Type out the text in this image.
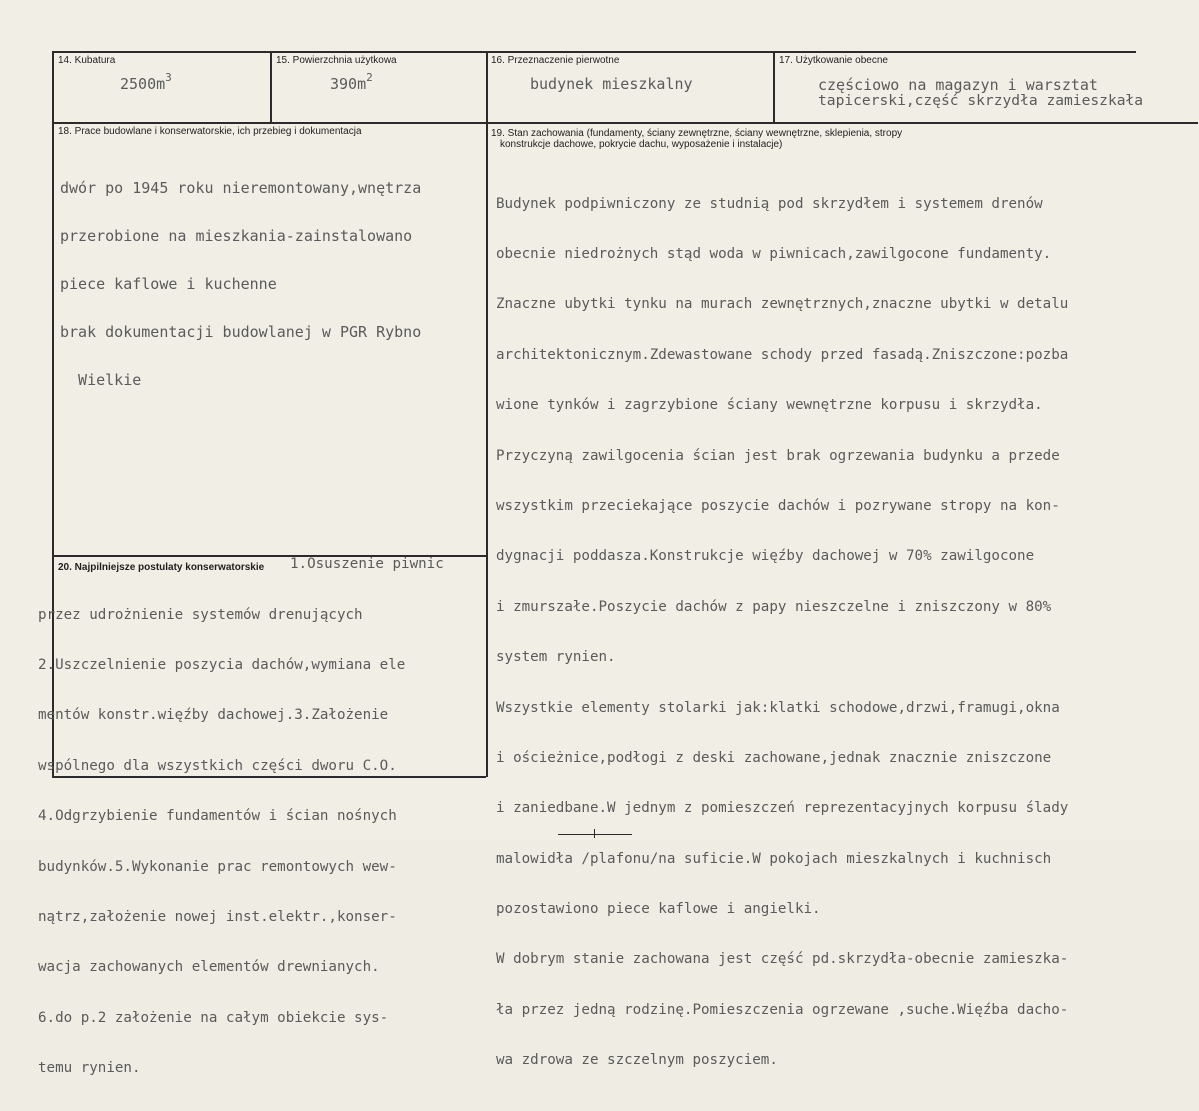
14. Kubatura
$2500m^3$
15. Powierzchnia użytkowa
$390m^2$
16. Przeznaczenie pierwotne
budynek mieszkalny
17. Użytkowanie obecne
częściowo na magazyn i warsztat
tapicerski,część skrzydła zamieszkała
18. Prace budowlane i konserwatorskie, ich przebieg i dokumentacja

dwór po 1945 roku nieremontowany,wnętrza

przerobione na mieszkania-zainstalowano

piece kaflowe i kuchenne

brak dokumentacji budowlanej w PGR Rybno

Wielkie

19. Stan zachowania (fundamenty, ściany zewnętrzne, ściany wewnętrzne, sklepienia, stropy
konstrukcje dachowe, pokrycie dachu, wyposażenie i instalacje)

Budynek podpiwniczony ze studnią pod skrzydłem i systemem drenów

obecnie niedrożnych stąd woda w piwnicach,zawilgocone fundamenty.

Znaczne ubytki tynku na murach zewnętrznych,znaczne ubytki w detalu

architektonicznym.Zdewastowane schody przed fasadą.Zniszczone:pozba

wione tynków i zagrzybione ściany wewnętrzne korpusu i skrzydła.

Przyczyną zawilgocenia ścian jest brak ogrzewania budynku a przede

wszystkim przeciekające poszycie dachów i pozrywane stropy na kon-

dygnacji poddasza.Konstrukcje więźby dachowej w 70% zawilgocone

i zmurszałe.Poszycie dachów z papy nieszczelne i zniszczony w 80%

system rynien.

Wszystkie elementy stolarki jak:klatki schodowe,drzwi,framugi,okna

i ościeżnice,podłogi z deski zachowane,jednak znacznie zniszczone

i zaniedbane.W jednym z pomieszczeń reprezentacyjnych korpusu ślady

malowidła /plafonu/na suficie.W pokojach mieszkalnych i kuchnisch

pozostawiono piece kaflowe i angielki.

W dobrym stanie zachowana jest część pd.skrzydła-obecnie zamieszka-

ła przez jedną rodzinę.Pomieszczenia ogrzewane ,suche.Więźba dacho-

wa zdrowa ze szczelnym poszyciem.

20. Najpilniejsze postulaty konserwatorskie 1.Osuszenie piwnic

przez udrożnienie systemów drenujących

2.Uszczelnienie poszycia dachów,wymiana ele

mentów konstr.więźby dachowej.3.Założenie

wspólnego dla wszystkich części dworu C.O.

4.Odgrzybienie fundamentów i ścian nośnych

budynków.5.Wykonanie prac remontowych wew-

nątrz,założenie nowej inst.elektr.,konser-

wacja zachowanych elementów drewnianych.

6.do p.2 założenie na całym obiekcie sys-

temu rynien.
